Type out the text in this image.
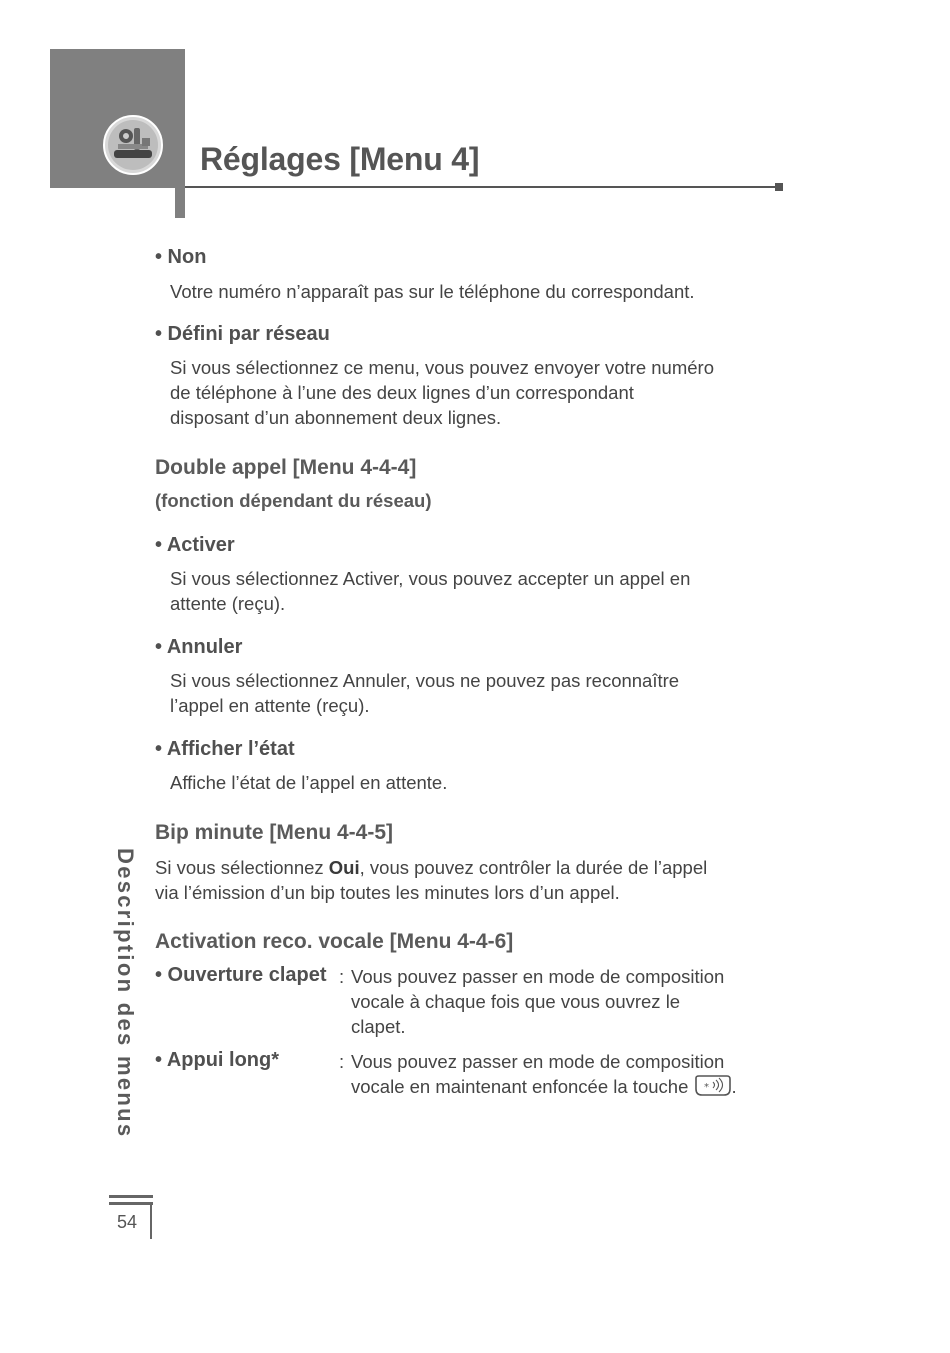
Réglages [Menu 4]
• Non
Votre numéro n’apparaît pas sur le téléphone du correspondant.
• Défini par réseau
Si vous sélectionnez ce menu, vous pouvez envoyer votre numéro
de téléphone à l’une des deux lignes d’un correspondant
disposant d’un abonnement deux lignes.
Double appel [Menu 4-4-4]
(fonction dépendant du réseau)
• Activer
Si vous sélectionnez Activer, vous pouvez accepter un appel en
attente (reçu).
• Annuler
Si vous sélectionnez Annuler, vous ne pouvez pas reconnaître
l’appel en attente (reçu).
• Afficher l’état
Affiche l’état de l’appel en attente.
Bip minute [Menu 4-4-5]
Si vous sélectionnez Oui, vous pouvez contrôler la durée de l’appel
via l’émission d’un bip toutes les minutes lors d’un appel.
Activation reco. vocale [Menu 4-4-6]
• Ouverture clapet : Vous pouvez passer en mode de composition
vocale à chaque fois que vous ouvrez le
clapet.
• Appui long*	: Vous pouvez passer en mode de composition
vocale en maintenant enfoncée la touche * .
Description des menus
54
